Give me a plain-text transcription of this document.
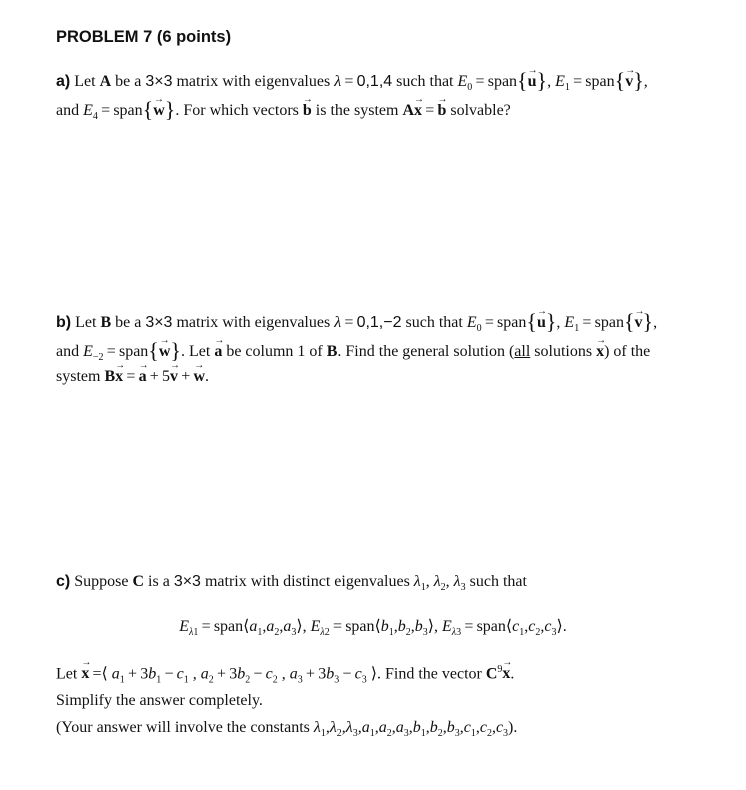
PROBLEM 7 (6 points)
a) Let A be a 3×3 matrix with eigenvalues λ = 0,1,4 such that $E_0$ = span{u →}, $E_1$ = span{v →},
and $E_4$ = span{w →}. For which vectors b → is the system Ax → = b → solvable?
b) Let B be a 3×3 matrix with eigenvalues λ = 0,1,−2 such that $E_0$ = span{u →}, $E_1$ = span{v →},
and $E_{-2}$ = span{w →}. Let a → be column 1 of B. Find the general solution (all solutions x →) of the
system Bx → = a → + 5v → + w →.
c) Suppose C is a 3×3 matrix with distinct eigenvalues $\lambda_1$, $\lambda_2$, $\lambda_3$ such that
$E_{\lambda 1}$ = $span⟨a_1,a_2,a_3⟩$, $E_{\lambda 2}$ = $span⟨b_1,b_2,b_3⟩$, $E_{\lambda 3}$ = $span⟨c_1,c_2,c_3⟩$.
Let x → =⟨ $a_1 + 3b_1 - c_1$ , $a_2 + 3b_2 - c_2$ , $a_3 + 3b_3 - c_3$ ⟩. Find the vector $C^9x$ →.
Simplify the answer completely.
(Your answer will involve the constants $\lambda_1,\lambda_2,\lambda_3,a_1,a_2,a_3,b_1,b_2,b_3,c_1,c_2,c_3$).
